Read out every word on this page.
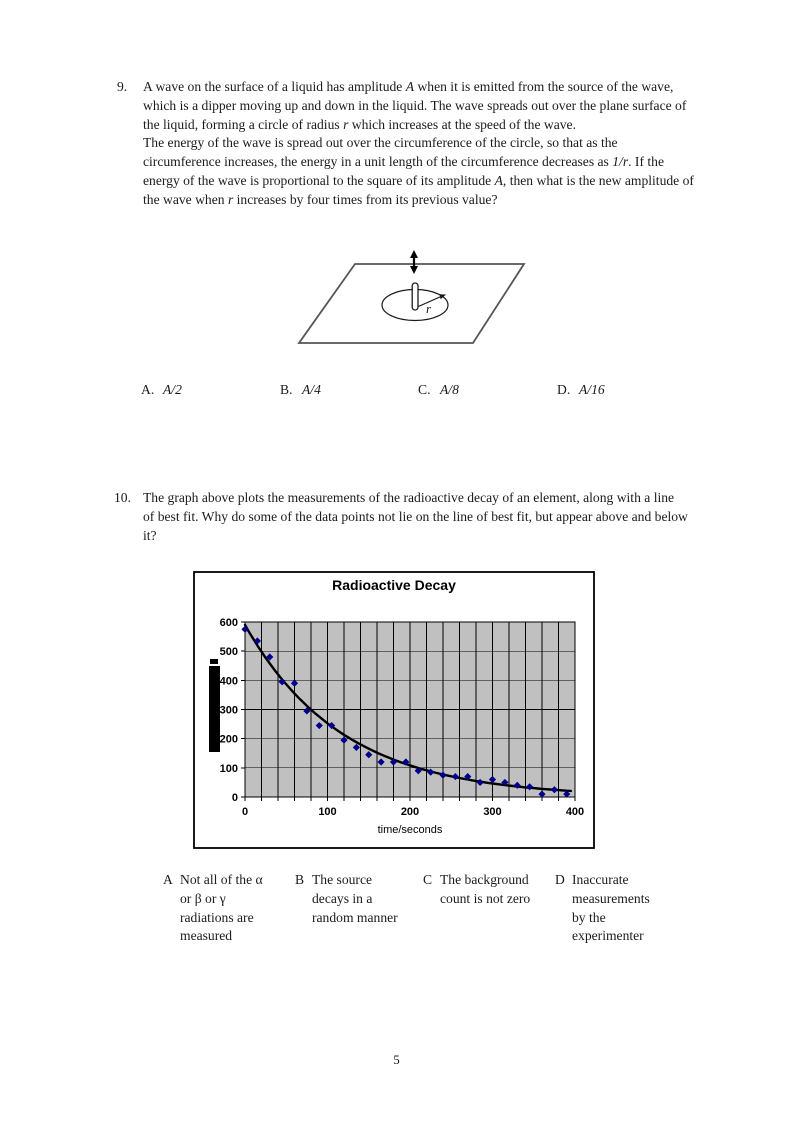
9. A wave on the surface of a liquid has amplitude A when it is emitted from the source of the wave, which is a dipper moving up and down in the liquid. The wave spreads out over the plane surface of the liquid, forming a circle of radius r which increases at the speed of the wave.

The energy of the wave is spread out over the circumference of the circle, so that as the circumference increases, the energy in a unit length of the circumference decreases as 1/r. If the energy of the wave is proportional to the square of its amplitude A, then what is the new amplitude of the wave when r increases by four times from its previous value?

r
A. A/2	B. A/4	C. A/8	D. A/16
10. The graph above plots the measurements of the radioactive decay of an element, along with a line of best fit. Why do some of the data points not lie on the line of best fit, but appear above and below it?
Radioactive Decay
0	100	200	300	400
0
100
200
300
400
500
600
time/seconds
A Not all of the α
or β or γ
radiations are
measured
B The source
decays in a
random manner
C The background
count is not zero
D Inaccurate
measurements
by the
experimenter
5
